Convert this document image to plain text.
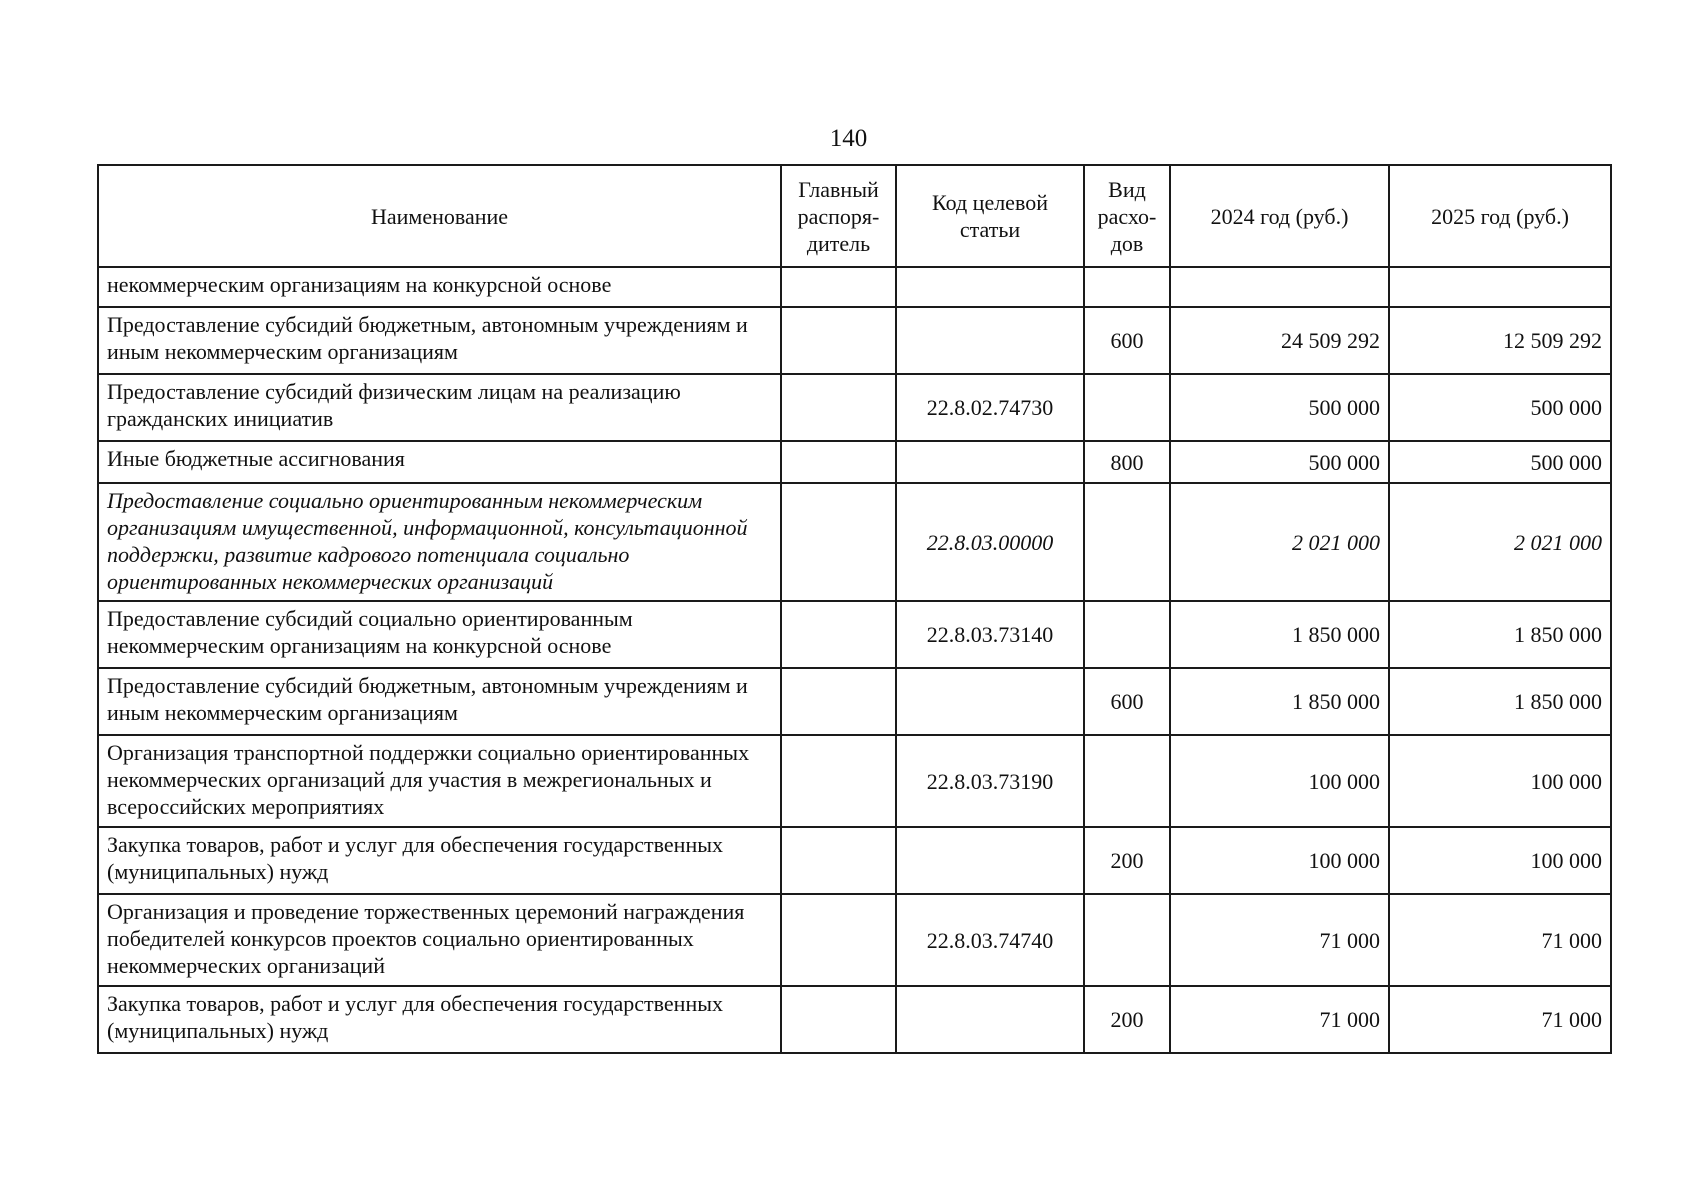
140
Наименование	Главный распоря-дитель	Код целевой статьи	Вид расхо-дов	2024 год (руб.)	2025 год (руб.)
некоммерческим организациям на конкурсной основе					
Предоставление субсидий бюджетным, автономным учреждениям и иным некоммерческим организациям			600	24 509 292	12 509 292
Предоставление субсидий физическим лицам на реализацию гражданских инициатив		22.8.02.74730		500 000	500 000
Иные бюджетные ассигнования			800	500 000	500 000
Предоставление социально ориентированным некоммерческим организациям имущественной, информационной, консультационной поддержки, развитие кадрового потенциала социально ориентированных некоммерческих организаций		22.8.03.00000		2 021 000	2 021 000
Предоставление субсидий социально ориентированным некоммерческим организациям на конкурсной основе		22.8.03.73140		1 850 000	1 850 000
Предоставление субсидий бюджетным, автономным учреждениям и иным некоммерческим организациям			600	1 850 000	1 850 000
Организация транспортной поддержки социально ориентированных некоммерческих организаций для участия в межрегиональных и всероссийских мероприятиях		22.8.03.73190		100 000	100 000
Закупка товаров, работ и услуг для обеспечения государственных (муниципальных) нужд			200	100 000	100 000
Организация и проведение торжественных церемоний награждения победителей конкурсов проектов социально ориентированных некоммерческих организаций		22.8.03.74740		71 000	71 000
Закупка товаров, работ и услуг для обеспечения государственных (муниципальных) нужд			200	71 000	71 000
